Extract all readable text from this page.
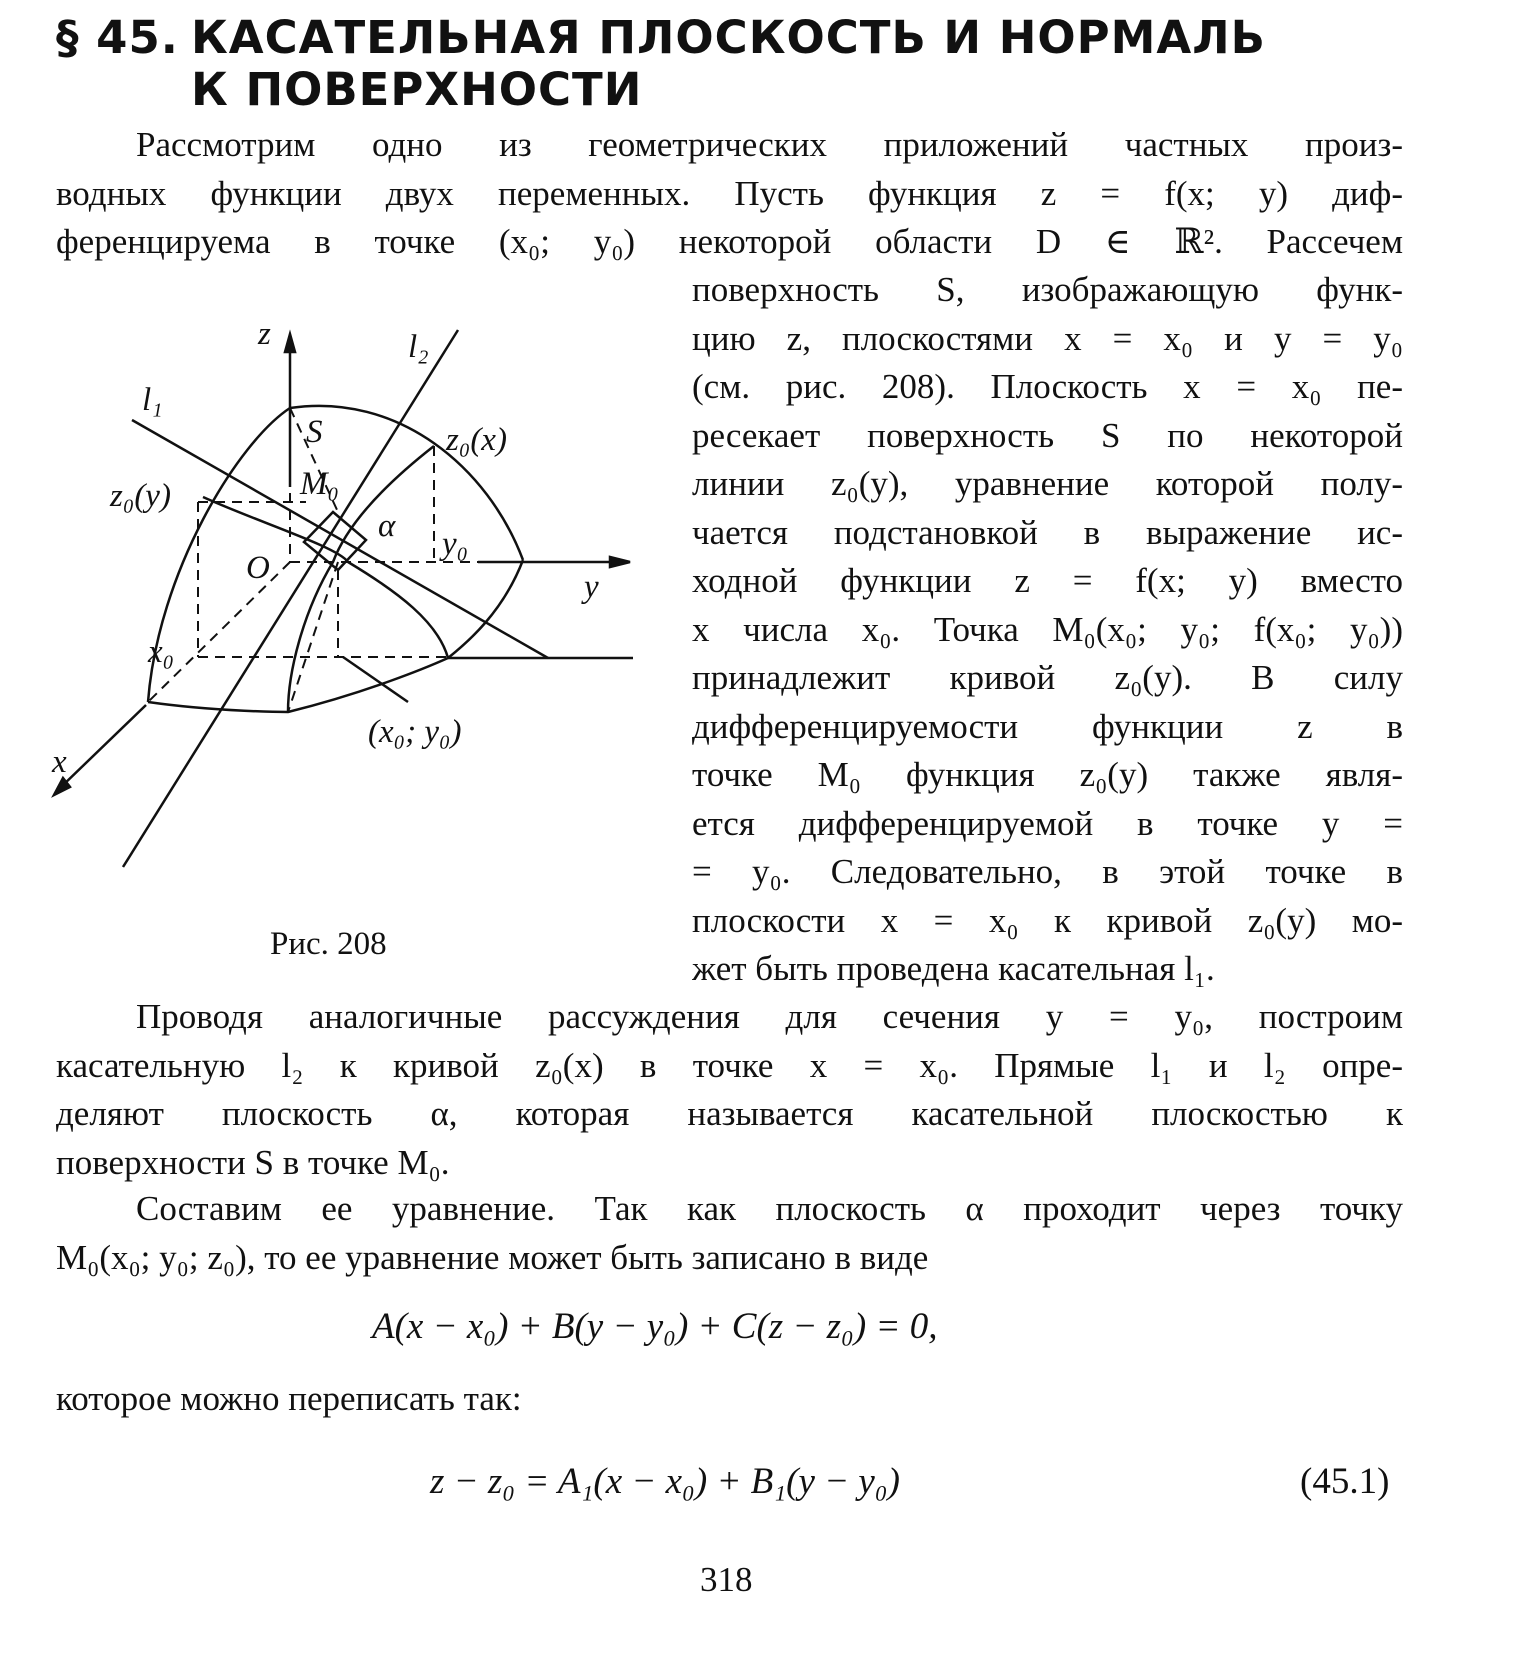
§ 45. КАСАТЕЛЬНАЯ ПЛОСКОСТЬ И НОРМАЛЬ
К ПОВЕРХНОСТИ
Рассмотрим одно из геометрических приложений частных произ-
водных функции двух переменных. Пусть функция z = f(x; y) диф-
ференцируема в точке (x₀; y₀) некоторой области D ∈ ℝ². Рассечем
поверхность S, изображающую функ-
цию z, плоскостями x = x₀ и y = y₀
(см. рис. 208). Плоскость x = x₀ пе-
ресекает поверхность S по некоторой
линии z₀(y), уравнение которой полу-
чается подстановкой в выражение ис-
ходной функции z = f(x; y) вместо
x числа x₀. Точка M₀(x₀; y₀; f(x₀; y₀))
принадлежит кривой z₀(y). В силу
дифференцируемости функции z в
точке M₀ функция z₀(y) также явля-
ется дифференцируемой в точке y =
= y₀. Следовательно, в этой точке в
плоскости x = x₀ к кривой z₀(y) мо-
жет быть проведена касательная l₁.
z	l₂
l₁
S	z₀(x)
z₀(y)	M₀
α y₀
O
y
x₀
(x₀; y₀)
x
Рис. 208
Проводя аналогичные рассуждения для сечения y = y₀, построим
касательную l₂ к кривой z₀(x) в точке x = x₀. Прямые l₁ и l₂ опре-
деляют плоскость α, которая называется касательной плоскостью к
поверхности S в точке M₀.
Составим ее уравнение. Так как плоскость α проходит через точку
M₀(x₀; y₀; z₀), то ее уравнение может быть записано в виде
A(x − x₀) + B(y − y₀) + C(z − z₀) = 0,
которое можно переписать так:
z − z₀ = A₁(x − x₀) + B₁(y − y₀)	(45.1)
318
